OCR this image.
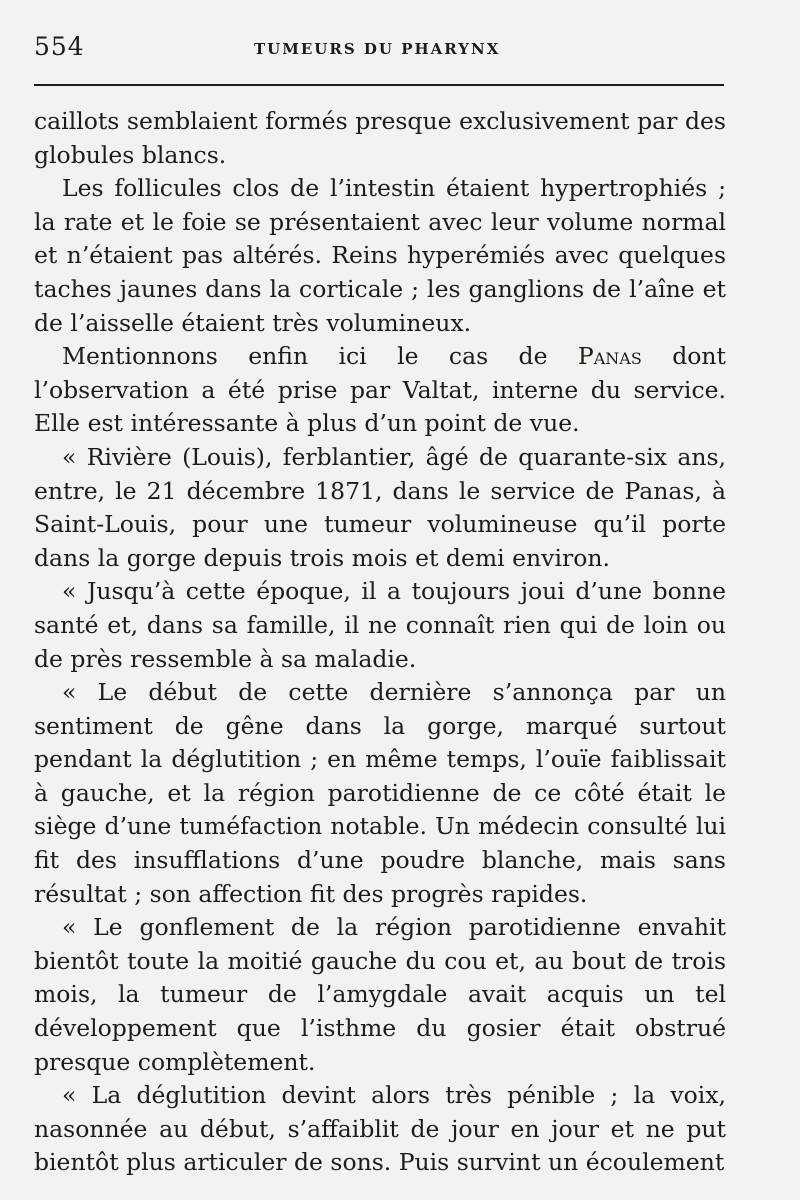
554	TUMEURS DU PHARYNX

caillots semblaient formés presque exclusivement par des globules blancs.

Les follicules clos de l’intestin étaient hypertrophiés ; la rate et le foie se présentaient avec leur volume normal et n’étaient pas altérés. Reins hyperémiés avec quelques taches jaunes dans la corticale ; les ganglions de l’aîne et de l’aisselle étaient très volumineux.

Mentionnons enfin ici le cas de Panas dont l’observation a été prise par Valtat, interne du service. Elle est intéressante à plus d’un point de vue.

« Rivière (Louis), ferblantier, âgé de quarante-six ans, entre, le 21 décembre 1871, dans le service de Panas, à Saint-Louis, pour une tumeur volumineuse qu’il porte dans la gorge depuis trois mois et demi environ.

« Jusqu’à cette époque, il a toujours joui d’une bonne santé et, dans sa famille, il ne connaît rien qui de loin ou de près ressemble à sa maladie.

« Le début de cette dernière s’annonça par un sentiment de gêne dans la gorge, marqué surtout pendant la déglutition ; en même temps, l’ouïe faiblissait à gauche, et la région parotidienne de ce côté était le siège d’une tuméfaction notable. Un médecin consulté lui fit des insufflations d’une poudre blanche, mais sans résultat ; son affection fit des progrès rapides.

« Le gonflement de la région parotidienne envahit bientôt toute la moitié gauche du cou et, au bout de trois mois, la tumeur de l’amygdale avait acquis un tel développement que l’isthme du gosier était obstrué presque complètement.

« La déglutition devint alors très pénible ; la voix, nasonnée au début, s’affaiblit de jour en jour et ne put bientôt plus articuler de sons. Puis survint un écoulement
